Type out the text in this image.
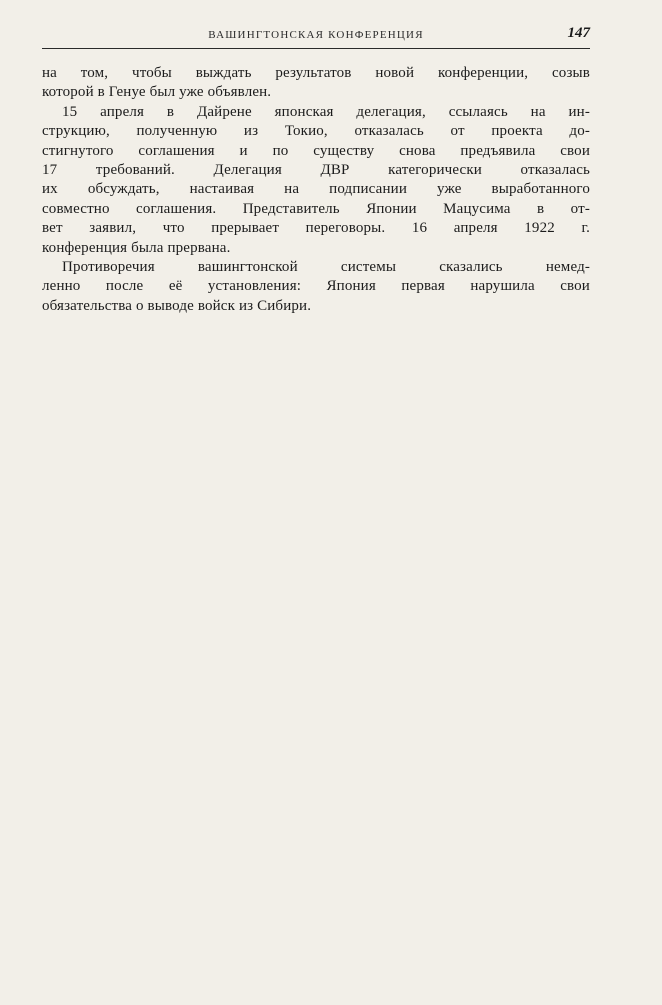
ВАШИНГТОНСКАЯ КОНФЕРЕНЦИЯ	147
на том, чтобы выждать результатов новой конференции, созыв
которой в Генуе был уже объявлен.
15 апреля в Дайрене японская делегация, ссылаясь на ин-
струкцию, полученную из Токио, отказалась от проекта до-
стигнутого соглашения и по существу снова предъявила свои
17 требований. Делегация ДВР категорически отказалась
их обсуждать, настаивая на подписании уже выработанного
совместно соглашения. Представитель Японии Мацусима в от-
вет заявил, что прерывает переговоры. 16 апреля 1922 г.
конференция была прервана.
Противоречия вашингтонской системы сказались немед-
ленно после её установления: Япония первая нарушила свои
обязательства о выводе войск из Сибири.
